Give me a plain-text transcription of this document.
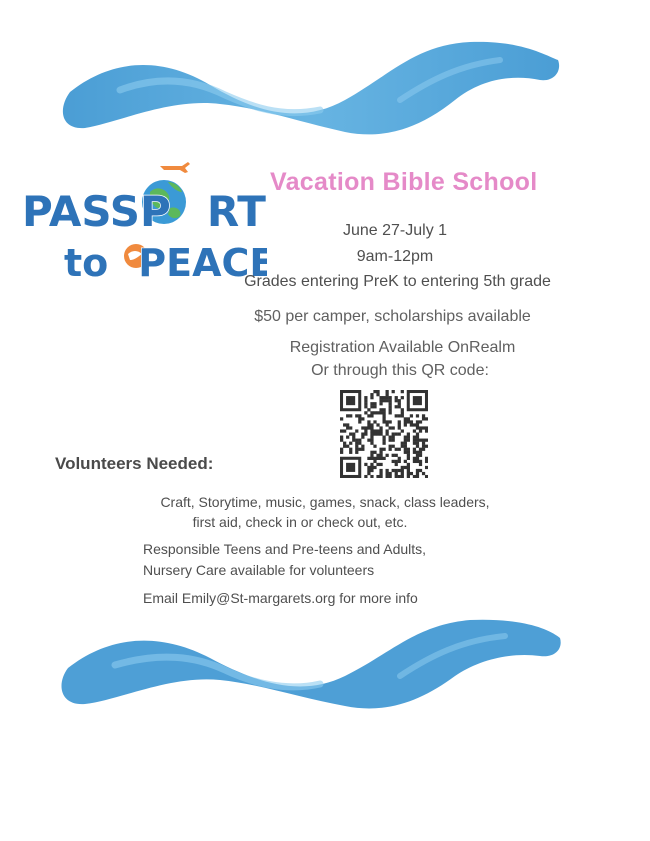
PASSP RT
to PEACE
Vacation Bible School
June 27-July 1
9am-12pm
Grades entering PreK to entering 5th grade
$50 per camper, scholarships available
Registration Available OnRealm
Or through this QR code:
Volunteers Needed:
Craft, Storytime, music, games, snack, class leaders,
first aid, check in or check out, etc.
Responsible Teens and Pre-teens and Adults,
Nursery Care available for volunteers
Email Emily@St-margarets.org for more info
